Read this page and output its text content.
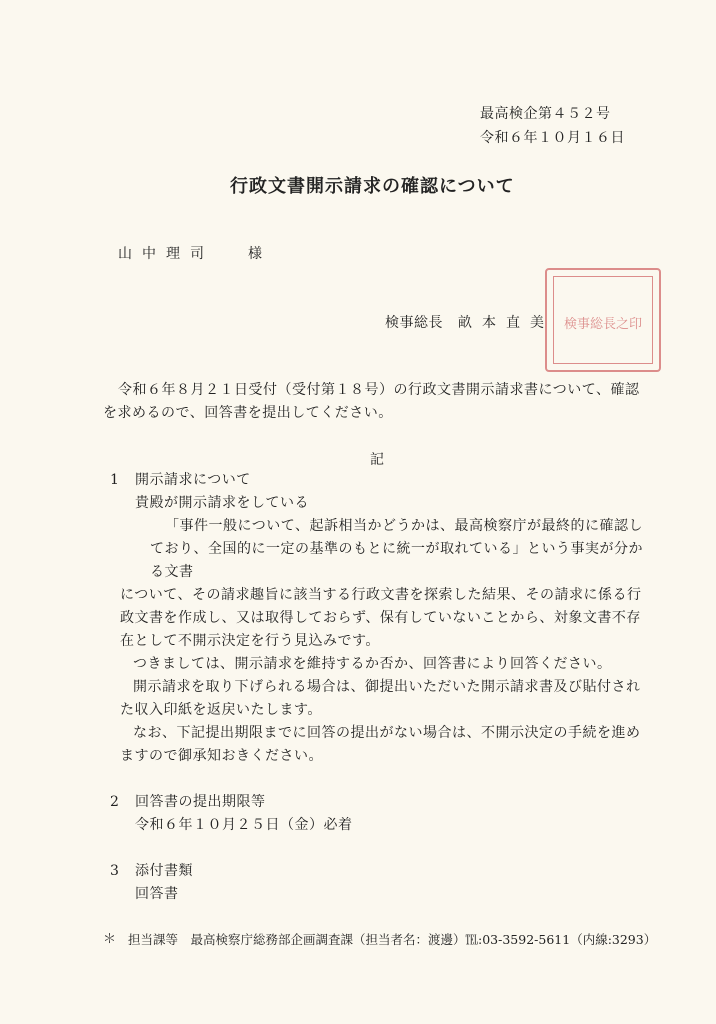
最高検企第４５２号
令和６年１０月１６日
行政文書開示請求の確認について
山中理司 様
検事総長之印
検事総長 畝本直美
令和６年８月２１日受付（受付第１８号）の行政文書開示請求書について、確認
を求めるので、回答書を提出してください。
記
1 開示請求について
貴殿が開示請求をしている
「事件一般について、起訴相当かどうかは、最高検察庁が最終的に確認し
ており、全国的に一定の基準のもとに統一が取れている」という事実が分か
る文書
について、その請求趣旨に該当する行政文書を探索した結果、その請求に係る行
政文書を作成し、又は取得しておらず、保有していないことから、対象文書不存
在として不開示決定を行う見込みです。
つきましては、開示請求を維持するか否か、回答書により回答ください。
開示請求を取り下げられる場合は、御提出いただいた開示請求書及び貼付され
た収入印紙を返戻いたします。
なお、下記提出期限までに回答の提出がない場合は、不開示決定の手続を進め
ますので御承知おきください。
2 回答書の提出期限等
令和６年１０月２５日（金）必着
3 添付書類
回答書
＊ 担当課等　最高検察庁総務部企画調査課（担当者名：渡邊）℡:03-3592-5611（内線:3293）
